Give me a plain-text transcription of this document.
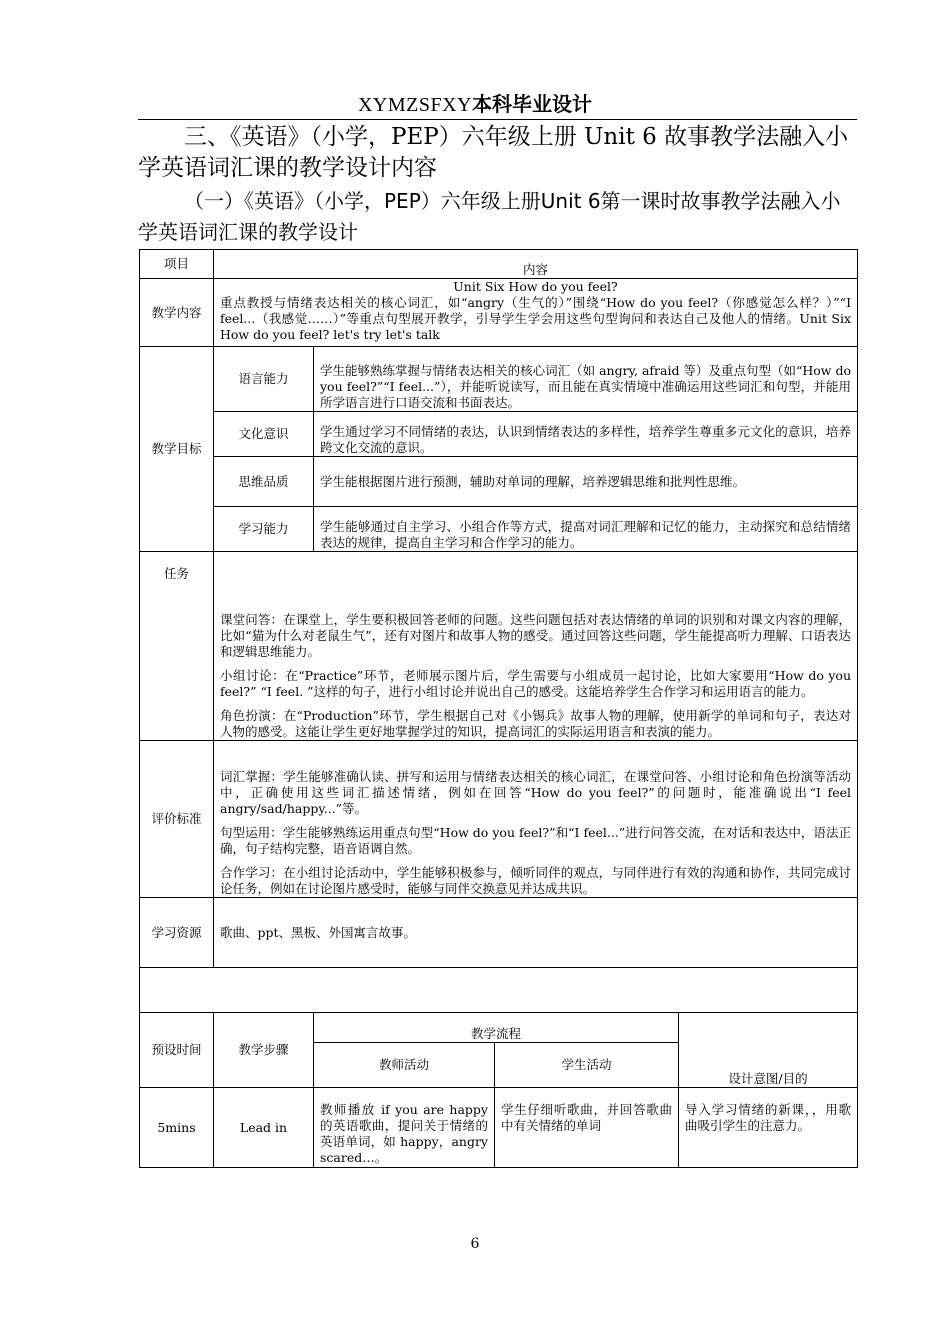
XYMZSFXY本科毕业设计

三、《英语》（小学，PEP）六年级上册 Unit 6 故事教学法融入小学英语词汇课的教学设计内容

（一）《英语》（小学，PEP）六年级上册Unit 6第一课时故事教学法融入小学英语词汇课的教学设计

项目	内容			
教学内容	Unit Six How do you feel?
重点教授与情绪表达相关的核心词汇，如“angry（生气的）”围绕“How do you feel?（你感觉怎么样？）”“I feel...（我感觉……）”等重点句型展开教学，引导学生学会用这些句型询问和表达自己及他人的情绪。Unit Six How do you feel? let's try let's talk			

教学目标	语言能力	学生能够熟练掌握与情绪表达相关的核心词汇（如 angry, afraid 等）及重点句型（如“How do you feel?”“I feel...”），并能听说读写，而且能在真实情境中准确运用这些词汇和句型，并能用所学语言进行口语交流和书面表达。		
	文化意识	学生通过学习不同情绪的表达，认识到情绪表达的多样性，培养学生尊重多元文化的意识，培养跨文化交流的意识。		
	思维品质	学生能根据图片进行预测，辅助对单词的理解，培养逻辑思维和批判性思维。		
	学习能力	学生能够通过自主学习、小组合作等方式，提高对词汇理解和记忆的能力，主动探究和总结情绪表达的规律，提高自主学习和合作学习的能力。		
任务	课堂问答：在课堂上，学生要积极回答老师的问题。这些问题包括对表达情绪的单词的识别和对课文内容的理解，比如“猫为什么对老鼠生气”，还有对图片和故事人物的感受。通过回答这些问题，学生能提高听力理解、口语表达和逻辑思维能力。

小组讨论：在“Practice”环节，老师展示图片后，学生需要与小组成员一起讨论，比如大家要用“How do you feel?” “I feel. ”这样的句子，进行小组讨论并说出自己的感受。这能培养学生合作学习和运用语言的能力。

角色扮演：在“Production”环节，学生根据自己对《小锡兵》故事人物的理解，使用新学的单词和句子，表达对人物的感受。这能让学生更好地掌握学过的知识，提高词汇的实际运用语言和表演的能力。			

评价标准	词汇掌握：学生能够准确认读、拼写和运用与情绪表达相关的核心词汇，在课堂问答、小组讨论和角色扮演等活动中，正确使用这些词汇描述情绪，例如在回答“How do you feel?”的问题时，能准确说出“I feel angry/sad/happy...”等。

句型运用：学生能够熟练运用重点句型“How do you feel?”和“I feel...”进行问答交流，在对话和表达中，语法正确，句子结构完整，语音语调自然。

合作学习：在小组讨论活动中，学生能够积极参与，倾听同伴的观点，与同伴进行有效的沟通和协作，共同完成讨论任务，例如在讨论图片感受时，能够与同伴交换意见并达成共识。			

学习资源	歌曲、ppt、黑板、外国寓言故事。			

预设时间	教学步骤	教学流程		设计意图/目的
		教师活动	学生活动	
5mins	Lead in	教师播放 if you are happy 的英语歌曲，提问关于情绪的英语单词，如 happy，angry scared…。	学生仔细听歌曲，并回答歌曲中有关情绪的单词	导入学习情绪的新课，，用歌曲吸引学生的注意力。
6
